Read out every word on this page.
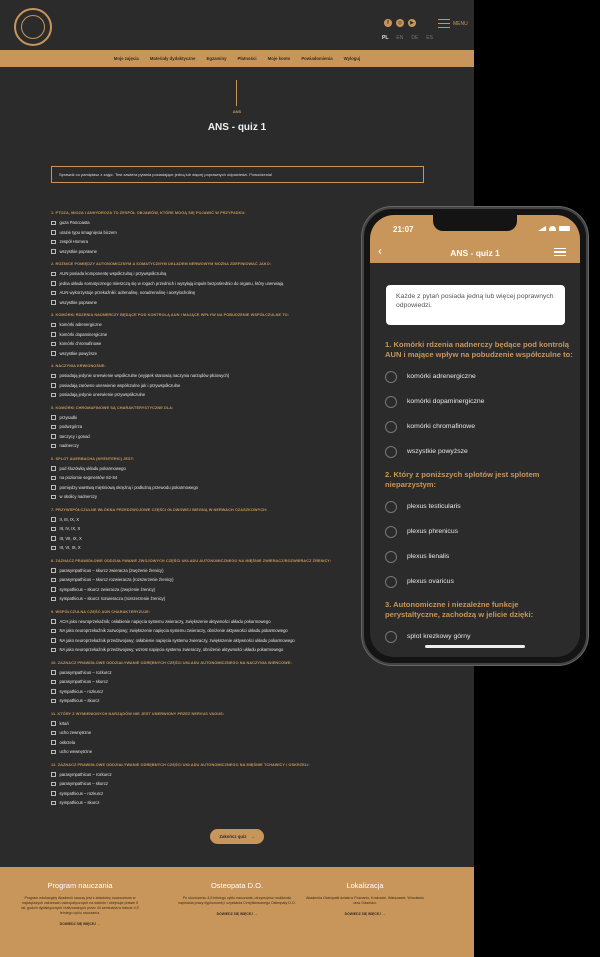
f	◎	▶
PL EN DE ES
MENU
Moje zajęcia	Materiały dydaktyczne	Egzaminy	Płatności	Moje konto	Powiadomienia	Wyloguj
ANS
ANS - quiz 1
Sprawdź co pamiętasz z zajęć. Test zawiera pytania posiadające jedną lub więcej poprawnych odpowiedzi. Powodzenia!
1. PTOZA, MIOZA I ANHYDROZA TO ZESPÓŁ OBJAWÓW, KTÓRE MOGĄ SIĘ POJAWIĆ W PRZYPADKU:
guza Pancoasta
urazie typu smagnięcia biczem
zespół Hornera
wszystkie poprawne
2. RÓŻNICE POMIĘDZY AUTONOMICZNYM A SOMATYCZNYM UKŁADEM NERWOWYM MOŻNA ZDEFINIOWAĆ JAKO:
AUN posiada komponentę współczulną i przywspółczulną
jedna układu somatycznego mieszczą się w rogach przednich i wysyłają impuls bezpośrednio do organu, który unerwiają
AUN wykorzystuje przekaźniki: adrenalinę, noradrenalinę i acetylocholinę
wszystkie poprawne
3. KOMÓRKI RDZENIA NADNERCZY BĘDĄCE POD KONTROLĄ AUN I MAJĄCE WPŁYW NA POBUDZENIE WSPÓŁCZULNE TO:
komórki adrenergiczne
komórki dopaminergiczne
komórki chromafinowe
wszystkie powyższe
4. NACZYNIA KRWIONOŚNE:
posiadają jedynie unerwienie współczulne (wyjątek stanowią naczynia narządów płciowych)
posiadają zarówno unerwienie współczulne jak i przywspółczulne
posiadają jedynie unerwienie przywspółczulne
5. KOMÓRKI CHROMAFINOWE SĄ CHARAKTERYSTYCZNE DLA:
przysadki
podwzgórza
tarczycy i gonad
nadnerczy
6. SPLOT AUERBACHA (MYENTERIC) JEST:
pod śluzówką układu pokarmowego
na poziomie segmentów S2-S4
pomiędzy warstwą mięśniową okrężną i podłużną przewodu pokarmowego
w okolicy nadnerczy
7. PRZYWSPÓŁCZULNE WŁÓKNA PRZEDZWOJOWE CZĘŚCI GŁOWOWEJ BIEGNĄ W NERWACH CZASZKOWYCH:
II, III, IX, X
III, IV, IX, X
III, VII, IX, X
III, VI, IX, X
8. ZAZNACZ PRAWIDŁOWE ODDZIAŁYWANIE ZWOJOWYCH CZĘŚCI UKŁADU AUTONOMICZNEGO NA MIĘŚNIE ZWIERACZ/ROZWIERACZ ŹRENICY:
parasympathicus – skurcz zwieracza (zwężenie źrenicy)
parasympathicus – skurcz rozwieracza (rozszerzenie źrenicy)
sympathicus – skurcz zwieracza (zwężenie źrenicy)
sympathicus – skurcz rozwieracza (rozszerzenie źrenicy)
9. WSPÓŁCZULNA CZĘŚĆ AUN CHARAKTERYZUJE:
ACH jako neuroprzekaźnik; osłabienie napięcia systemu zwieraczy, zwiększenie aktywności układu pokarmowego
NA jako neuroprzekaźnik zazwojowy; zwiększenie napięcia systemu zwieraczy, obniżenie aktywności układu pokarmowego
NA jako neuroprzekaźnik przedzwojowy; osłabienie napięcia systemu zwieraczy, zwiększenie aktywności układu pokarmowego
NA jako neuroprzekaźnik przedzwojowy; wzrost napięcia systemu zwieraczy, obniżenie aktywności układu pokarmowego
10. ZAZNACZ PRAWIDŁOWE ODDZIAŁYWANIE ODRĘBNYCH CZĘŚCI UKŁADU AUTONOMICZNEGO NA NACZYNIA WIEŃCOWE:
parasympathicus – rozkurcz
parasympathicus – skurcz
sympathicus – rozkurcz
sympathicus – skurcz
11. KTÓRY Z WYMIENIONYCH NARZĄDÓW NIE JEST UNERWIONY PRZEZ NERVUS VAGUS:
krtań
ucho zewnętrzne
oskrzela
ucho wewnętrzne
12. ZAZNACZ PRAWIDŁOWE ODDZIAŁYWANIE ODRĘBNYCH CZĘŚCI UKŁADU AUTONOMICZNEGO NA MIĘŚNIE TCHAWICY I OSKRZELI:
parasympathicus – rozkurcz
parasympathicus – skurcz
sympathicus – rozkurcz
sympathicus – skurcz
Zakończ quiz →
Program nauczania

Program edukacyjny Akademii nauczy jest z absolutny nowoczesne w największych zakresach osteopatycznych na świecie i obejmuje prawie 5 lat, godzin dydaktycznych realizowanych przez 44 seminaria w trakcie 4,5 letniego cyklu nauczania.

DOWIEDZ SIĘ WIĘCEJ →
Osteopata D.O.

Po ukończeniu 4,5 letniego cyklu nauczania, otrzymujesz możliwość napisania pracy dyplomowej i uzyskania Certyfikowanego Osteopaty D.O.

DOWIEDZ SIĘ WIĘCEJ →
Lokalizacja

Akademia Osteopatii działa w Poznaniu, Krakowie, Warszawie, Wrocławiu oraz Gdańsku.

DOWIEDZ SIĘ WIĘCEJ →
21:07
‹	ANS - quiz 1
Każde z pytań posiada jedną lub więcej poprawnych odpowiedzi.
1. Komórki rdzenia nadnerczy będące pod kontrolą AUN i mające wpływ na pobudzenie współczulne to:
komórki adrenergiczne
komórki dopaminergiczne
komórki chromafinowe
wszystkie powyższe
2. Który z poniższych splotów jest splotem nieparzystym:
plexus testicularis
plexus phrenicus
plexus lienalis
plexus ovaricus
3. Autonomiczne i niezależne funkcje perystaltyczne, zachodzą w jelicie dzięki:
splot krezkowy górny
